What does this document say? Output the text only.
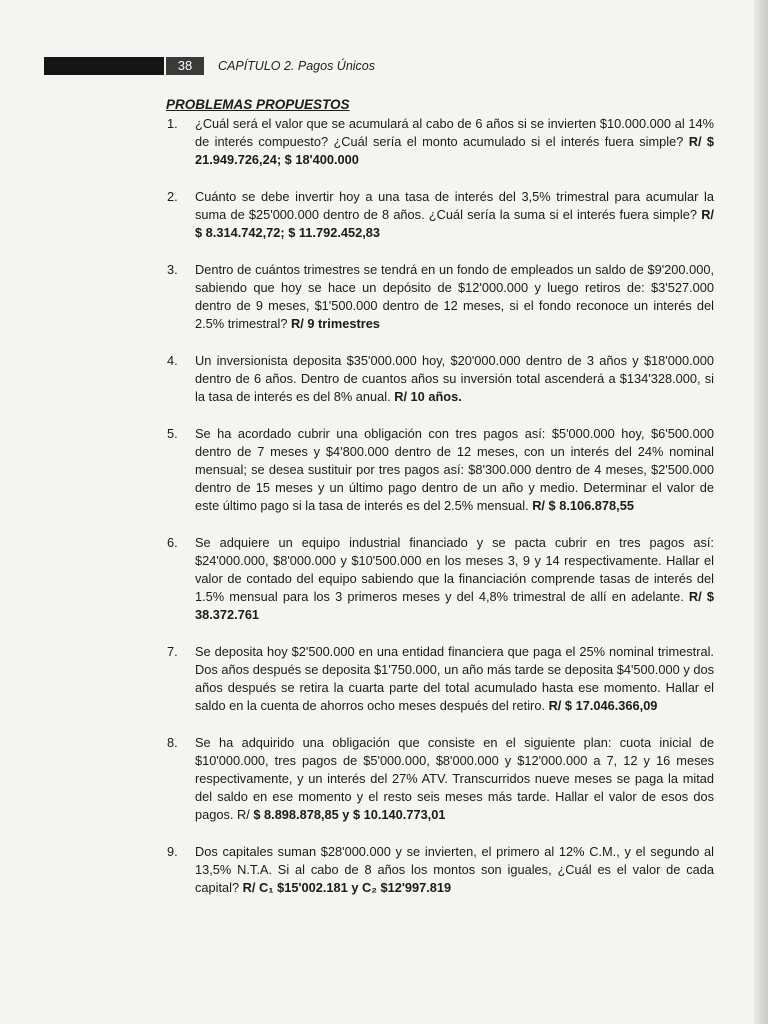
38	CAPÍTULO 2. Pagos Únicos
PROBLEMAS PROPUESTOS
1. ¿Cuál será el valor que se acumulará al cabo de 6 años si se invierten $10.000.000 al 14% de interés compuesto? ¿Cuál sería el monto acumulado si el interés fuera simple? R/ $ 21.949.726,24; $ 18'400.000
2. Cuánto se debe invertir hoy a una tasa de interés del 3,5% trimestral para acumular la suma de $25'000.000 dentro de 8 años. ¿Cuál sería la suma si el interés fuera simple? R/ $ 8.314.742,72; $ 11.792.452,83
3. Dentro de cuántos trimestres se tendrá en un fondo de empleados un saldo de $9'200.000, sabiendo que hoy se hace un depósito de $12'000.000 y luego retiros de: $3'527.000 dentro de 9 meses, $1'500.000 dentro de 12 meses, si el fondo reconoce un interés del 2.5% trimestral? R/ 9 trimestres
4. Un inversionista deposita $35'000.000 hoy, $20'000.000 dentro de 3 años y $18'000.000 dentro de 6 años. Dentro de cuantos años su inversión total ascenderá a $134'328.000, si la tasa de interés es del 8% anual. R/ 10 años.
5. Se ha acordado cubrir una obligación con tres pagos así: $5'000.000 hoy, $6'500.000 dentro de 7 meses y $4'800.000 dentro de 12 meses, con un interés del 24% nominal mensual; se desea sustituir por tres pagos así: $8'300.000 dentro de 4 meses, $2'500.000 dentro de 15 meses y un último pago dentro de un año y medio. Determinar el valor de este último pago si la tasa de interés es del 2.5% mensual. R/ $ 8.106.878,55
6. Se adquiere un equipo industrial financiado y se pacta cubrir en tres pagos así: $24'000.000, $8'000.000 y $10'500.000 en los meses 3, 9 y 14 respectivamente. Hallar el valor de contado del equipo sabiendo que la financiación comprende tasas de interés del 1.5% mensual para los 3 primeros meses y del 4,8% trimestral de allí en adelante. R/ $ 38.372.761
7. Se deposita hoy $2'500.000 en una entidad financiera que paga el 25% nominal trimestral. Dos años después se deposita $1'750.000, un año más tarde se deposita $4'500.000 y dos años después se retira la cuarta parte del total acumulado hasta ese momento. Hallar el saldo en la cuenta de ahorros ocho meses después del retiro. R/ $ 17.046.366,09
8. Se ha adquirido una obligación que consiste en el siguiente plan: cuota inicial de $10'000.000, tres pagos de $5'000.000, $8'000.000 y $12'000.000 a 7, 12 y 16 meses respectivamente, y un interés del 27% ATV. Transcurridos nueve meses se paga la mitad del saldo en ese momento y el resto seis meses más tarde. Hallar el valor de esos dos pagos. R/ $ 8.898.878,85 y $ 10.140.773,01
9. Dos capitales suman $28'000.000 y se invierten, el primero al 12% C.M., y el segundo al 13,5% N.T.A. Si al cabo de 8 años los montos son iguales, ¿Cuál es el valor de cada capital? R/ C₁ $15'002.181 y C₂ $12'997.819
